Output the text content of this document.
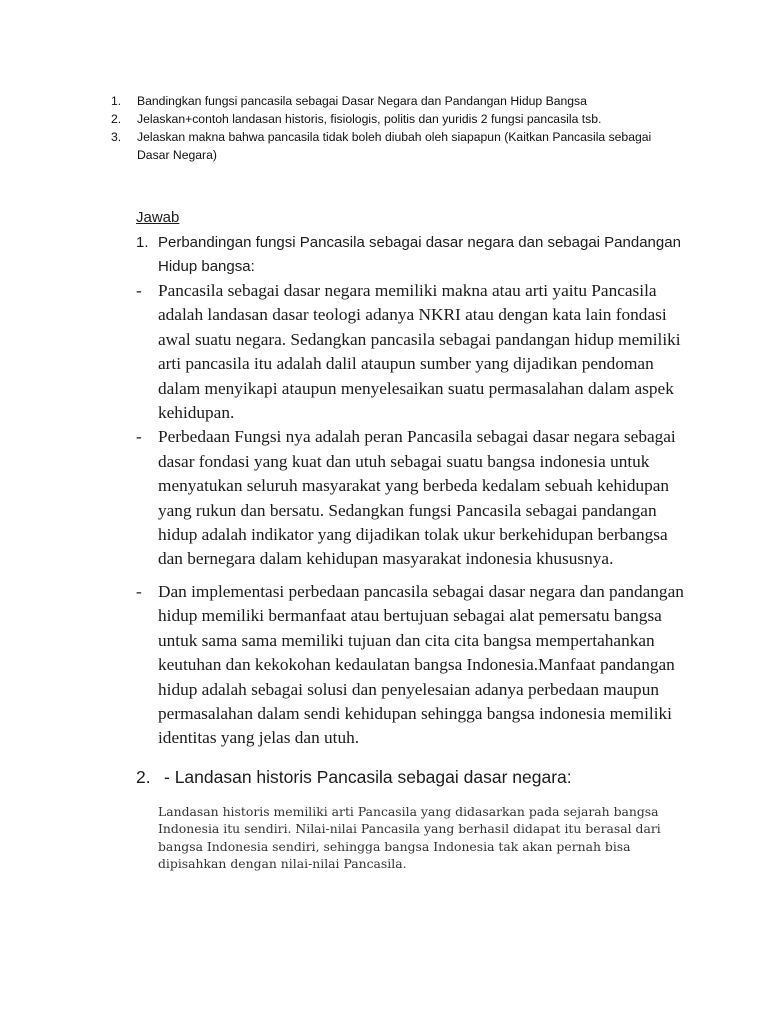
1.	Bandingkan fungsi pancasila sebagai Dasar Negara dan Pandangan Hidup Bangsa
2.	Jelaskan+contoh landasan historis, fisiologis, politis dan yuridis 2 fungsi pancasila tsb.
3.	Jelaskan makna bahwa pancasila tidak boleh diubah oleh siapapun (Kaitkan Pancasila sebagai Dasar Negara)
Jawab
1. Perbandingan fungsi Pancasila sebagai dasar negara dan sebagai Pandangan Hidup bangsa:
- Pancasila sebagai dasar negara memiliki makna atau arti yaitu Pancasila adalah landasan dasar teologi adanya NKRI atau dengan kata lain fondasi awal suatu negara. Sedangkan pancasila sebagai pandangan hidup memiliki arti pancasila itu adalah dalil ataupun sumber yang dijadikan pendoman dalam menyikapi ataupun menyelesaikan suatu permasalahan dalam aspek kehidupan.
- Perbedaan Fungsi nya adalah peran Pancasila sebagai dasar negara sebagai dasar fondasi yang kuat dan utuh sebagai suatu bangsa indonesia untuk menyatukan seluruh masyarakat yang berbeda kedalam sebuah kehidupan yang rukun dan bersatu. Sedangkan fungsi Pancasila sebagai pandangan hidup adalah indikator yang dijadikan tolak ukur berkehidupan berbangsa dan bernegara dalam kehidupan masyarakat indonesia khususnya.
- Dan implementasi perbedaan pancasila sebagai dasar negara dan pandangan hidup memiliki bermanfaat atau bertujuan sebagai alat pemersatu bangsa untuk sama sama memiliki tujuan dan cita cita bangsa mempertahankan keutuhan dan kekokohan kedaulatan bangsa Indonesia.Manfaat pandangan hidup adalah sebagai solusi dan penyelesaian adanya perbedaan maupun permasalahan dalam sendi kehidupan sehingga bangsa indonesia memiliki identitas yang jelas dan utuh.
2. - Landasan historis Pancasila sebagai dasar negara:
Landasan historis memiliki arti Pancasila yang didasarkan pada sejarah bangsa Indonesia itu sendiri. Nilai-nilai Pancasila yang berhasil didapat itu berasal dari bangsa Indonesia sendiri, sehingga bangsa Indonesia tak akan pernah bisa dipisahkan dengan nilai-nilai Pancasila.
